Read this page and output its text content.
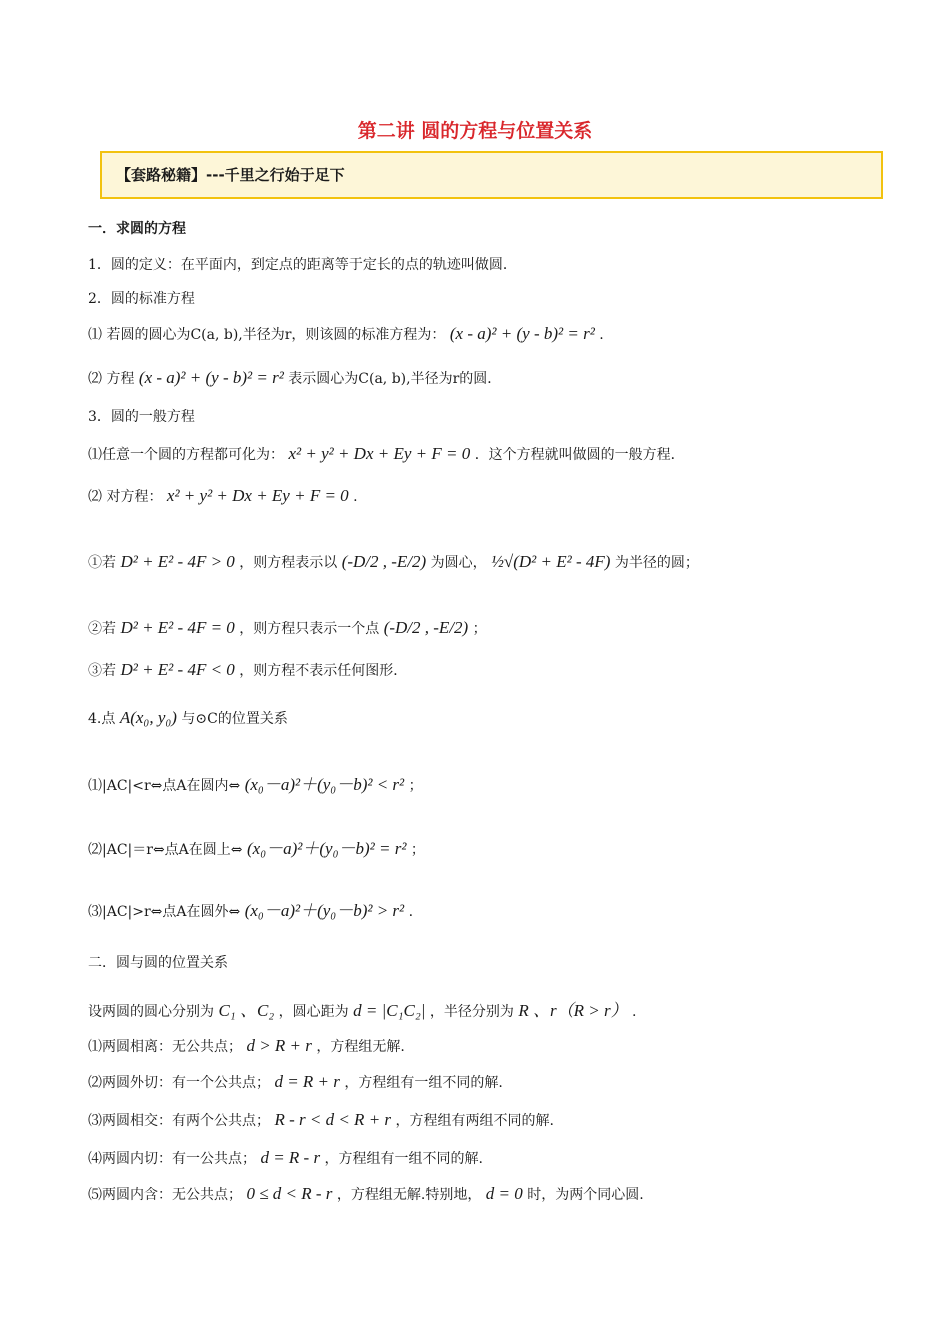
第二讲 圆的方程与位置关系
【套路秘籍】---千里之行始于足下
一．求圆的方程
1．圆的定义：在平面内，到定点的距离等于定长的点的轨迹叫做圆．
2．圆的标准方程
⑴ 若圆的圆心为C(a, b),半径为r，则该圆的标准方程为： (x - a)² + (y - b)² = r² .
⑵ 方程 (x - a)² + (y - b)² = r² 表示圆心为C(a, b),半径为r的圆．
3．圆的一般方程
⑴任意一个圆的方程都可化为： x² + y² + Dx + Ey + F = 0 ．这个方程就叫做圆的一般方程．
⑵ 对方程： x² + y² + Dx + Ey + F = 0 .
①若 D² + E² - 4F > 0 ，则方程表示以 (-D/2 , -E/2) 为圆心， ½√(D² + E² - 4F) 为半径的圆；
②若 D² + E² - 4F = 0 ，则方程只表示一个点 (-D/2 , -E/2) ；
③若 D² + E² - 4F < 0 ，则方程不表示任何图形．
4.点 A(x₀, y₀) 与⊙C的位置关系
⑴|AC|<r⇔点A在圆内⇔ (x₀－a)²＋(y₀－b)² < r² ；
⑵|AC|＝r⇔点A在圆上⇔ (x₀－a)²＋(y₀－b)² = r² ；
⑶|AC|>r⇔点A在圆外⇔ (x₀－a)²＋(y₀－b)² > r² .
二．圆与圆的位置关系
设两圆的圆心分别为 C₁ 、C₂ ，圆心距为 d = |C₁C₂| ，半径分别为 R 、r（R > r） .
⑴两圆相离：无公共点； d > R + r ，方程组无解.
⑵两圆外切：有一个公共点； d = R + r ，方程组有一组不同的解.
⑶两圆相交：有两个公共点； R - r < d < R + r ，方程组有两组不同的解.
⑷两圆内切：有一公共点； d = R - r ，方程组有一组不同的解.
⑸两圆内含：无公共点； 0 ≤ d < R - r ，方程组无解.特别地， d = 0 时，为两个同心圆.
